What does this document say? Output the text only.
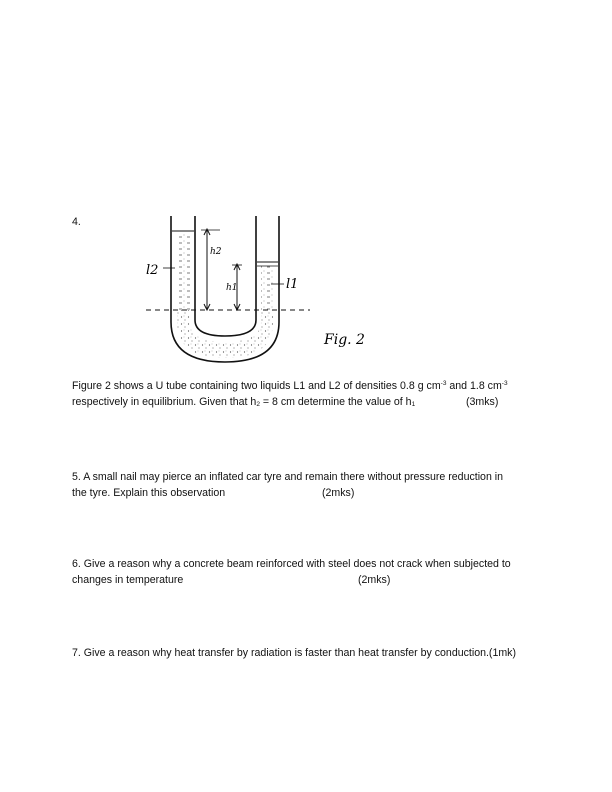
4.
l2
h2
h1	l1
Fig. 2
Figure 2 shows a U tube containing two liquids L1 and L2 of densities 0.8 g $cm^{-3}$ and 1.8 $cm^{-3}$
respectively in equilibrium. Given that $h_2 = 8$ cm determine the value of $h_1$	(3mks)
5. A small nail may pierce an inflated car tyre and remain there without pressure reduction in
the tyre. Explain this observation	(2mks)
6. Give a reason why a concrete beam reinforced with steel does not crack when subjected to
changes in temperature	(2mks)
7. Give a reason why heat transfer by radiation is faster than heat transfer by conduction.(1mk)
